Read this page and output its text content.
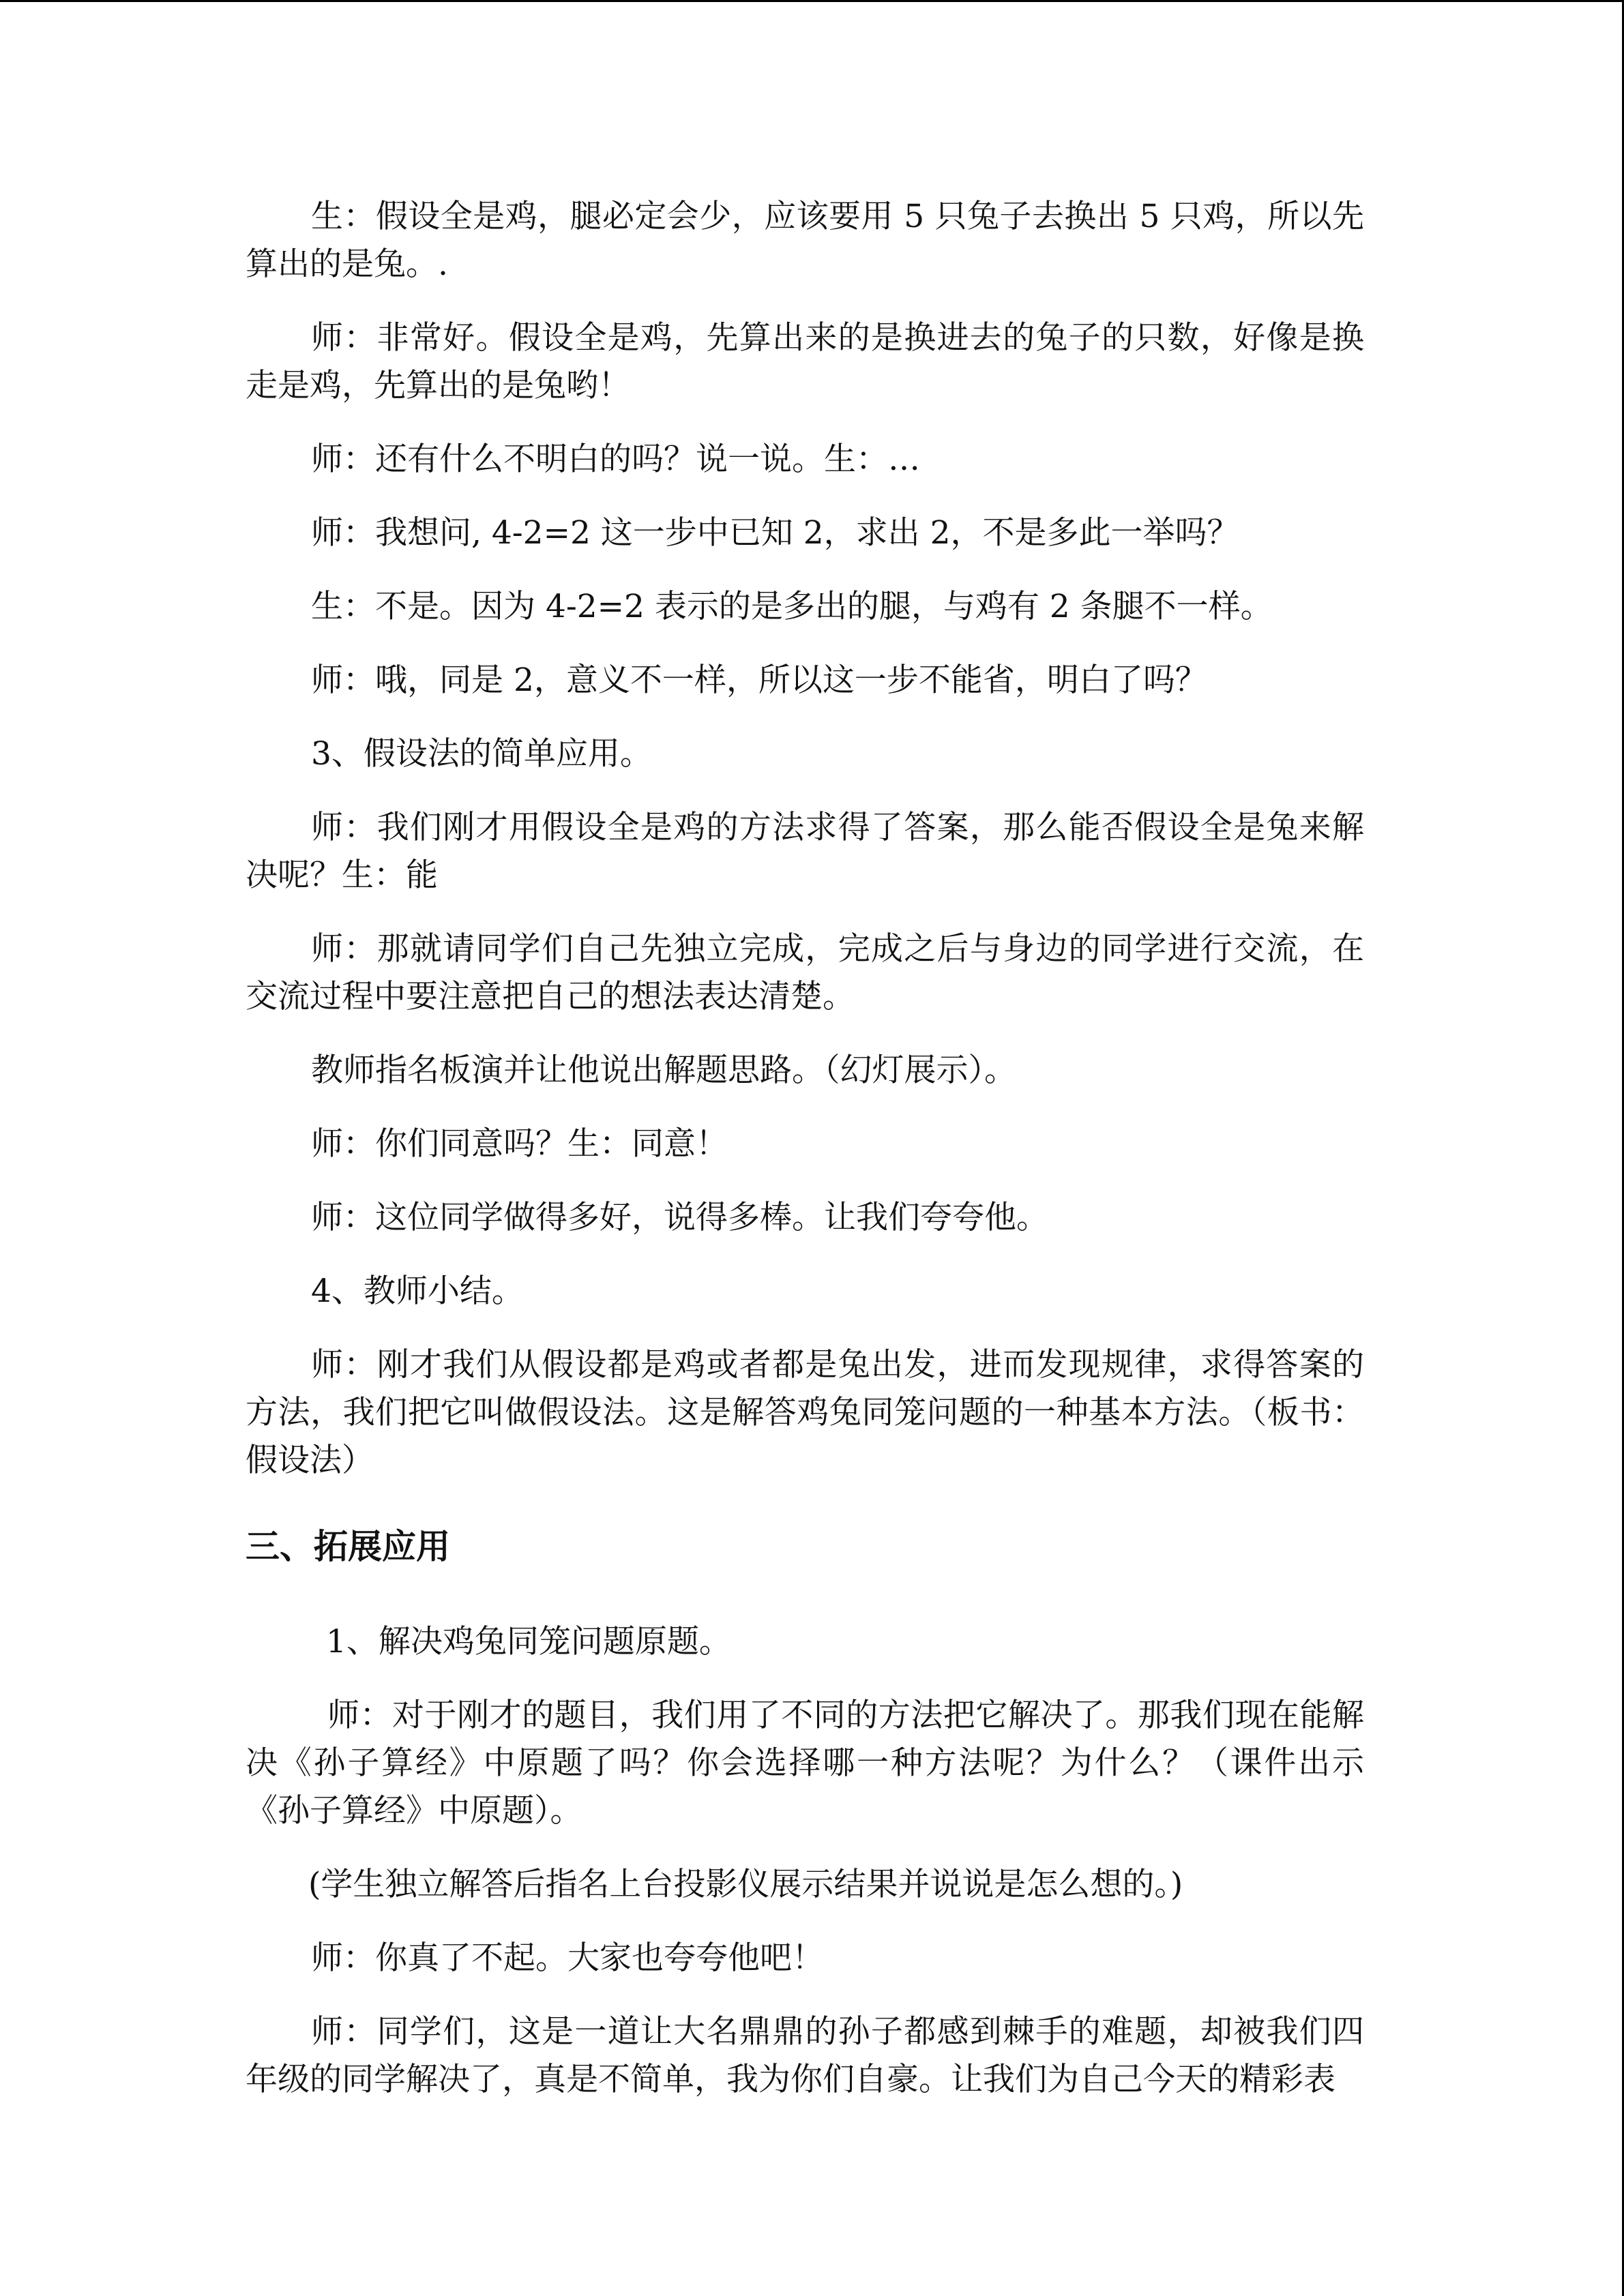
生：假设全是鸡，腿必定会少，应该要用 5 只兔子去换出 5 只鸡，所以先算出的是兔。.

师：非常好。假设全是鸡，先算出来的是换进去的兔子的只数，好像是换走是鸡，先算出的是兔哟！

师：还有什么不明白的吗？说一说。生：…

师：我想问, 4-2=2 这一步中已知 2，求出 2，不是多此一举吗？

生：不是。因为 4-2=2 表示的是多出的腿，与鸡有 2 条腿不一样。

师：哦，同是 2，意义不一样，所以这一步不能省，明白了吗？

3、假设法的简单应用。

师：我们刚才用假设全是鸡的方法求得了答案，那么能否假设全是兔来解决呢？生：能

师：那就请同学们自己先独立完成，完成之后与身边的同学进行交流，在交流过程中要注意把自己的想法表达清楚。

教师指名板演并让他说出解题思路。（幻灯展示）。

师：你们同意吗？生：同意！

师：这位同学做得多好，说得多棒。让我们夸夸他。

4、教师小结。

师：刚才我们从假设都是鸡或者都是兔出发，进而发现规律，求得答案的方法，我们把它叫做假设法。这是解答鸡兔同笼问题的一种基本方法。（板书：假设法）

三、拓展应用

1、解决鸡兔同笼问题原题。

师：对于刚才的题目，我们用了不同的方法把它解决了。那我们现在能解决《孙子算经》中原题了吗？你会选择哪一种方法呢？为什么？（课件出示《孙子算经》中原题）。

(学生独立解答后指名上台投影仪展示结果并说说是怎么想的。)

师：你真了不起。大家也夸夸他吧！

师：同学们，这是一道让大名鼎鼎的孙子都感到棘手的难题，却被我们四年级的同学解决了，真是不简单，我为你们自豪。让我们为自己今天的精彩表
